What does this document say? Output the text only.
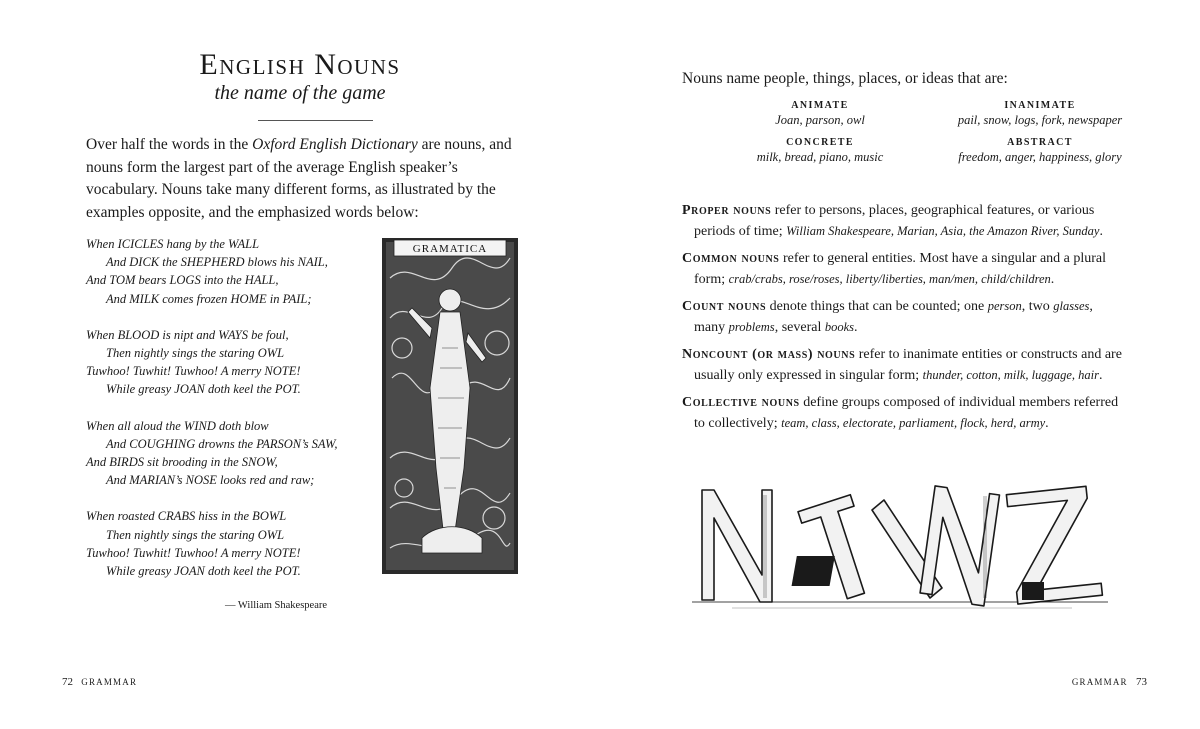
English Nouns
the name of the game
Over half the words in the Oxford English Dictionary are nouns, and nouns form the largest part of the average English speaker’s vocabulary. Nouns take many different forms, as illustrated by the examples opposite, and the emphasized words below:
When ICICLES hang by the WALL
And DICK the SHEPHERD blows his NAIL,
And TOM bears LOGS into the HALL,
And MILK comes frozen HOME in PAIL;
When BLOOD is nipt and WAYS be foul,
Then nightly sings the staring OWL
Tuwhoo! Tuwhit! Tuwhoo! A merry NOTE!
While greasy JOAN doth keel the POT.
When all aloud the WIND doth blow
And COUGHING drowns the PARSON’s SAW,
And BIRDS sit brooding in the SNOW,
And MARIAN’s NOSE looks red and raw;
When roasted CRABS hiss in the BOWL
Then nightly sings the staring OWL
Tuwhoo! Tuwhit! Tuwhoo! A merry NOTE!
While greasy JOAN doth keel the POT.
— William Shakespeare
GRAMATICA
72 GRAMMAR
Nouns name people, things, places, or ideas that are:
ANIMATE
Joan, parson, owl
INANIMATE
pail, snow, logs, fork, newspaper
CONCRETE
milk, bread, piano, music
ABSTRACT
freedom, anger, happiness, glory
Proper nouns refer to persons, places, geographical features, or various periods of time; William Shakespeare, Marian, Asia, the Amazon River, Sunday.
Common nouns refer to general entities. Most have a singular and a plural form; crab/crabs, rose/roses, liberty/liberties, man/men, child/children.
Count nouns denote things that can be counted; one person, two glasses, many problems, several books.
Noncount (or mass) nouns refer to inanimate entities or constructs and are usually only expressed in singular form; thunder, cotton, milk, luggage, hair.
Collective nouns define groups composed of individual members referred to collectively; team, class, electorate, parliament, flock, herd, army.
GRAMMAR 73
